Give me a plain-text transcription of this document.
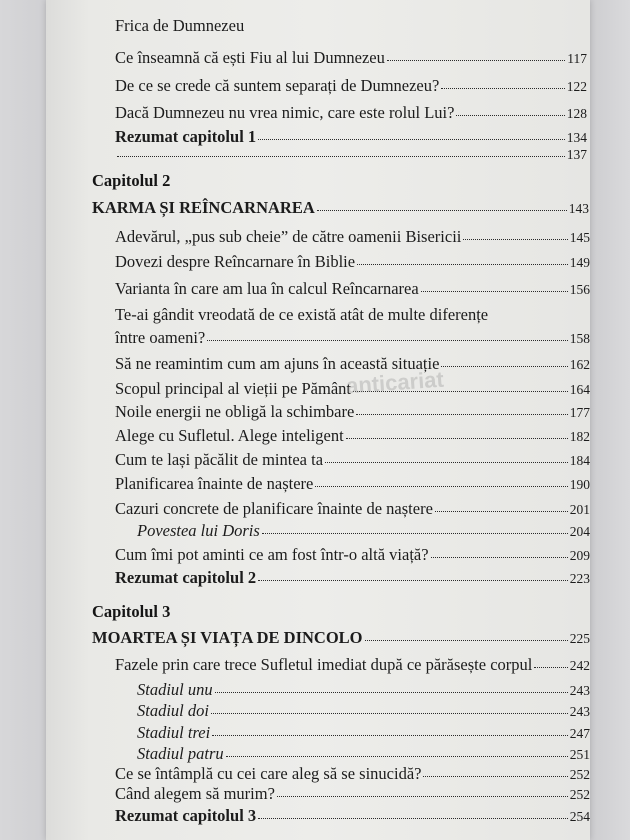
Frica de Dumnezeu
Ce înseamnă că ești Fiu al lui Dumnezeu	117
De ce se crede că suntem separați de Dumnezeu?	122
Dacă Dumnezeu nu vrea nimic, care este rolul Lui?	128
Rezumat capitolul 1	134
137
Capitolul 2
KARMA ȘI REÎNCARNAREA	143
Adevărul, „pus sub cheie” de către oamenii Bisericii	145
Dovezi despre Reîncarnare în Biblie	149
Varianta în care am lua în calcul Reîncarnarea	156
Te-ai gândit vreodată de ce există atât de multe diferențe
între oameni?	158
Să ne reamintim cum am ajuns în această situație	162
Scopul principal al vieții pe Pământ	164
Noile energii ne obligă la schimbare	177
Alege cu Sufletul. Alege inteligent	182
Cum te lași păcălit de mintea ta	184
Planificarea înainte de naștere	190
Cazuri concrete de planificare înainte de naștere	201
Povestea lui Doris	204
Cum îmi pot aminti ce am fost într-o altă viață?	209
Rezumat capitolul 2	223
Capitolul 3
MOARTEA ȘI VIAȚA DE DINCOLO	225
Fazele prin care trece Sufletul imediat după ce părăsește corpul	242
Stadiul unu	243
Stadiul doi	243
Stadiul trei	247
Stadiul patru	251
Ce se întâmplă cu cei care aleg să se sinucidă?	252
Când alegem să murim?	252
Rezumat capitolul 3	254
anticariat
